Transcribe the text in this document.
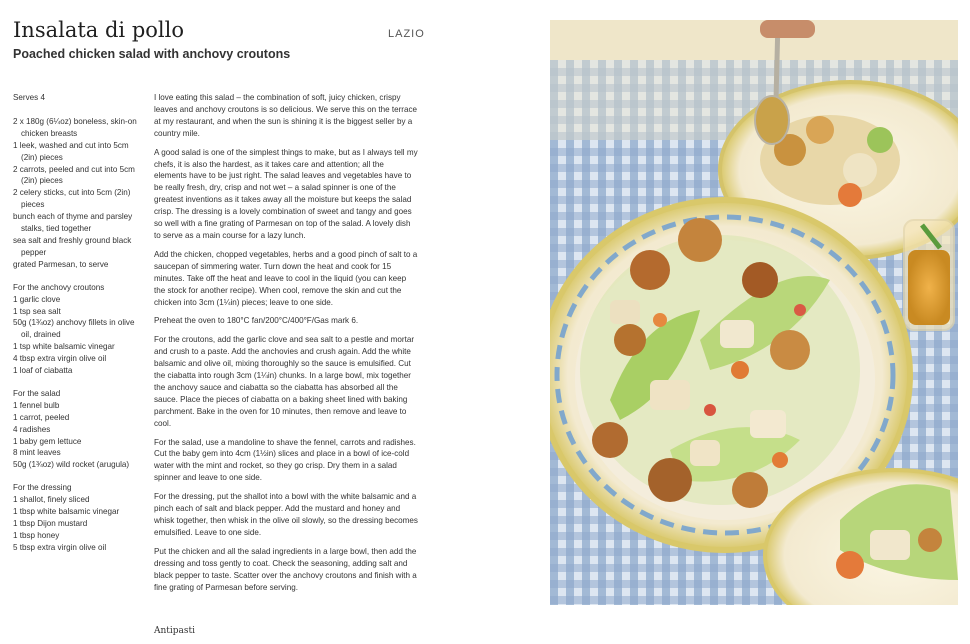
Insalata di pollo
Poached chicken salad with anchovy croutons
LAZIO
Serves 4
2 x 180g (6¼oz) boneless, skin-on chicken breasts
1 leek, washed and cut into 5cm (2in) pieces
2 carrots, peeled and cut into 5cm (2in) pieces
2 celery sticks, cut into 5cm (2in) pieces
bunch each of thyme and parsley stalks, tied together
sea salt and freshly ground black pepper
grated Parmesan, to serve
For the anchovy croutons
1 garlic clove
1 tsp sea salt
50g (1¾oz) anchovy fillets in olive oil, drained
1 tsp white balsamic vinegar
4 tbsp extra virgin olive oil
1 loaf of ciabatta
For the salad
1 fennel bulb
1 carrot, peeled
4 radishes
1 baby gem lettuce
8 mint leaves
50g (1¾oz) wild rocket (arugula)
For the dressing
1 shallot, finely sliced
1 tbsp white balsamic vinegar
1 tbsp Dijon mustard
1 tbsp honey
5 tbsp extra virgin olive oil

I love eating this salad – the combination of soft, juicy chicken, crispy leaves and anchovy croutons is so delicious. We serve this on the terrace at my restaurant, and when the sun is shining it is the biggest seller by a country mile.

A good salad is one of the simplest things to make, but as I always tell my chefs, it is also the hardest, as it takes care and attention; all the elements have to be just right. The salad leaves and vegetables have to be really fresh, dry, crisp and not wet – a salad spinner is one of the greatest inventions as it takes away all the moisture but keeps the salad crisp. The dressing is a lovely combination of sweet and tangy and goes so well with a fine grating of Parmesan on top of the salad. A lovely dish to serve as a main course for a lazy lunch.

Add the chicken, chopped vegetables, herbs and a good pinch of salt to a saucepan of simmering water. Turn down the heat and cook for 15 minutes. Take off the heat and leave to cool in the liquid (you can keep the stock for another recipe). When cool, remove the skin and cut the chicken into 3cm (1¼in) pieces; leave to one side.

Preheat the oven to 180°C fan/200°C/400°F/Gas mark 6.

For the croutons, add the garlic clove and sea salt to a pestle and mortar and crush to a paste. Add the anchovies and crush again. Add the white balsamic and olive oil, mixing thoroughly so the sauce is emulsified. Cut the ciabatta into rough 3cm (1¼in) chunks. In a large bowl, mix together the anchovy sauce and ciabatta so the ciabatta has absorbed all the sauce. Place the pieces of ciabatta on a baking sheet lined with baking parchment. Bake in the oven for 10 minutes, then remove and leave to cool.

For the salad, use a mandoline to shave the fennel, carrots and radishes. Cut the baby gem into 4cm (1½in) slices and place in a bowl of ice-cold water with the mint and rocket, so they go crisp. Dry them in a salad spinner and leave to one side.

For the dressing, put the shallot into a bowl with the white balsamic and a pinch each of salt and black pepper. Add the mustard and honey and whisk together, then whisk in the olive oil slowly, so the dressing becomes emulsified. Leave to one side.

Put the chicken and all the salad ingredients in a large bowl, then add the dressing and toss gently to coat. Check the seasoning, adding salt and black pepper to taste. Scatter over the anchovy croutons and finish with a fine grating of Parmesan before serving.

Antipasti
